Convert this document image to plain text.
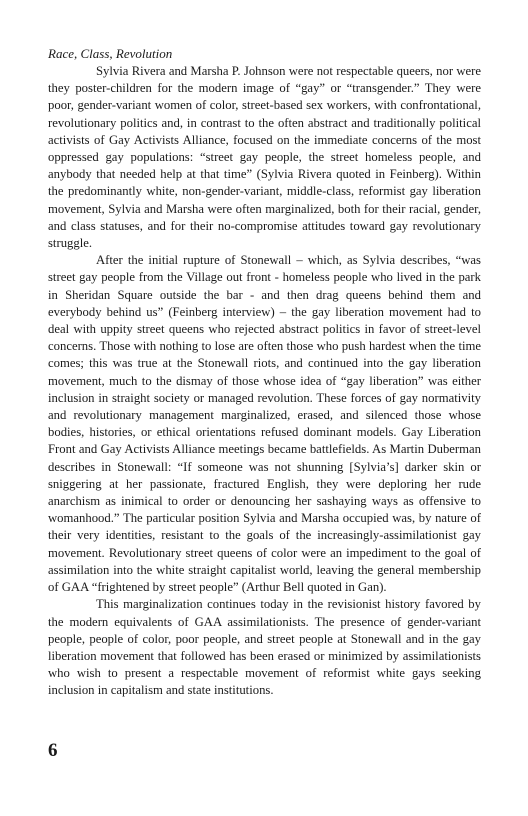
Race, Class, Revolution

Sylvia Rivera and Marsha P. Johnson were not respectable queers, nor were they poster-children for the modern image of “gay” or “transgender.” They were poor, gender-variant women of color, street-based sex workers, with confrontational, revolutionary politics and, in contrast to the often abstract and traditionally political activists of Gay Activists Alliance, focused on the immediate concerns of the most oppressed gay populations: “street gay people, the street homeless people, and anybody that needed help at that time” (Sylvia Rivera quoted in Feinberg). Within the predominantly white, non-gender-variant, middle-class, reformist gay liberation movement, Sylvia and Marsha were often marginalized, both for their racial, gender, and class statuses, and for their no-compromise attitudes toward gay revolutionary struggle.

After the initial rupture of Stonewall – which, as Sylvia describes, “was street gay people from the Village out front - homeless people who lived in the park in Sheridan Square outside the bar - and then drag queens behind them and everybody behind us” (Feinberg interview) – the gay liberation movement had to deal with uppity street queens who rejected abstract politics in favor of street-level concerns. Those with nothing to lose are often those who push hardest when the time comes; this was true at the Stonewall riots, and continued into the gay liberation movement, much to the dismay of those whose idea of “gay liberation” was either inclusion in straight society or managed revolution. These forces of gay normativity and revolutionary management marginalized, erased, and silenced those whose bodies, histories, or ethical orientations refused dominant models. Gay Liberation Front and Gay Activists Alliance meetings became battlefields. As Martin Duberman describes in Stonewall: “If someone was not shunning [Sylvia’s] darker skin or sniggering at her passionate, fractured English, they were deploring her rude anarchism as inimical to order or denouncing her sashaying ways as offensive to womanhood.” The particular position Sylvia and Marsha occupied was, by nature of their very identities, resistant to the goals of the increasingly-assimilationist gay movement. Revolutionary street queens of color were an impediment to the goal of assimilation into the white straight capitalist world, leaving the general membership of GAA “frightened by street people” (Arthur Bell quoted in Gan).

This marginalization continues today in the revisionist history favored by the modern equivalents of GAA assimilationists. The presence of gender-variant people, people of color, poor people, and street people at Stonewall and in the gay liberation movement that followed has been erased or minimized by assimilationists who wish to present a respectable movement of reformist white gays seeking inclusion in capitalism and state institutions.

6
